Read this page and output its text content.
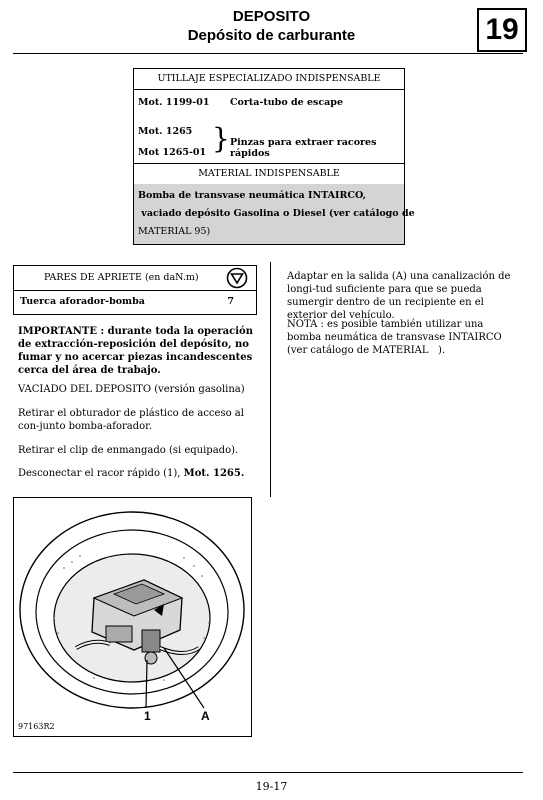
DEPOSITO
Depósito de carburante	19
UTILLAJE ESPECIALIZADO INDISPENSABLE
Mot. 1199-01 Corta-tubo de escape
Mot. 1265
Mot 1265-01 } Pinzas para extraer racores rápidos
MATERIAL INDISPENSABLE
Bomba de transvase neumática INTAIRCO,
vaciado depósito Gasolina o Diesel (ver catálogo de
MATERIAL 95)
PARES DE APRIETE (en daN.m)
Tuerca aforador-bomba	7
IMPORTANTE : durante toda la operación de extracción-reposición del depósito, no fumar y no acercar piezas incandescentes cerca del área de trabajo.
VACIADO DEL DEPOSITO (versión gasolina)
Retirar el obturador de plástico de acceso al con-junto bomba-aforador.
Retirar el clip de enmangado (si equipado).
Desconectar el racor rápido (1), Mot. 1265.
Adaptar en la salida (A) una canalización de longi-tud suficiente para que se pueda sumergir dentro de un recipiente en el exterior del vehículo.
NOTA : es posible también utilizar una bomba neumática de transvase INTAIRCO    (ver catálogo de MATERIAL   ).
1	A
97163R2
19-17
